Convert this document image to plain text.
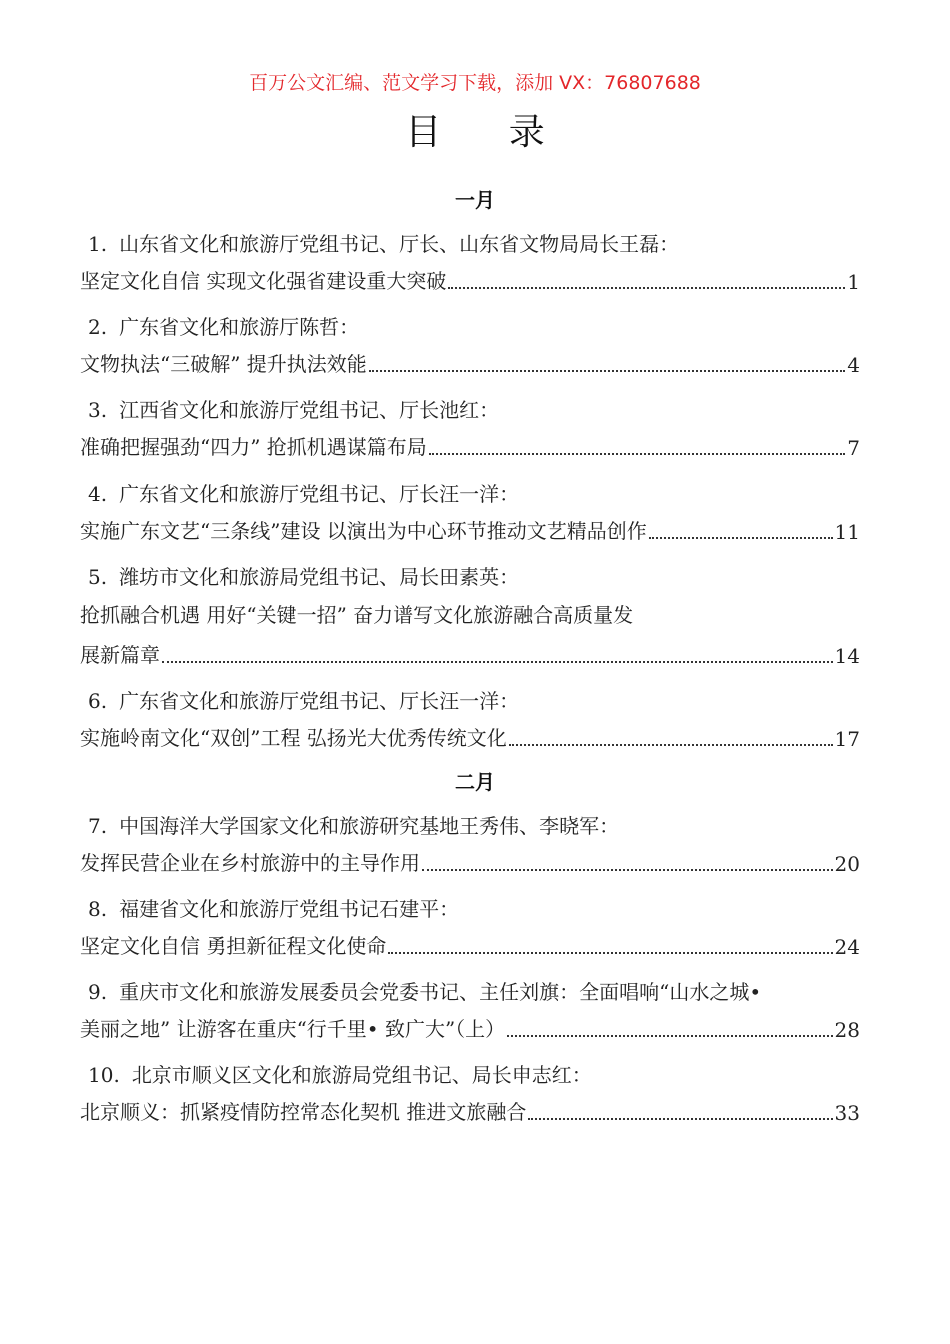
百万公文汇编、范文学习下载，添加 VX：76807688
目 录
一月
1. 山东省文化和旅游厅党组书记、厅长、山东省文物局局长王磊：
坚定文化自信 实现文化强省建设重大突破	1
2. 广东省文化和旅游厅陈哲：
文物执法“三破解” 提升执法效能	4
3. 江西省文化和旅游厅党组书记、厅长池红：
准确把握强劲“四力” 抢抓机遇谋篇布局	7
4. 广东省文化和旅游厅党组书记、厅长汪一洋：
实施广东文艺“三条线”建设 以演出为中心环节推动文艺精品创作	11
5. 潍坊市文化和旅游局党组书记、局长田素英：
抢抓融合机遇 用好“关键一招” 奋力谱写文化旅游融合高质量发
展新篇章	14
6. 广东省文化和旅游厅党组书记、厅长汪一洋：
实施岭南文化“双创”工程 弘扬光大优秀传统文化	17
二月
7. 中国海洋大学国家文化和旅游研究基地王秀伟、李晓军：
发挥民营企业在乡村旅游中的主导作用	20
8. 福建省文化和旅游厅党组书记石建平：
坚定文化自信 勇担新征程文化使命	24
9. 重庆市文化和旅游发展委员会党委书记、主任刘旗：全面唱响“山水之城•
美丽之地” 让游客在重庆“行千里• 致广大”（上）	28
10. 北京市顺义区文化和旅游局党组书记、局长申志红：
北京顺义：抓紧疫情防控常态化契机 推进文旅融合	33
